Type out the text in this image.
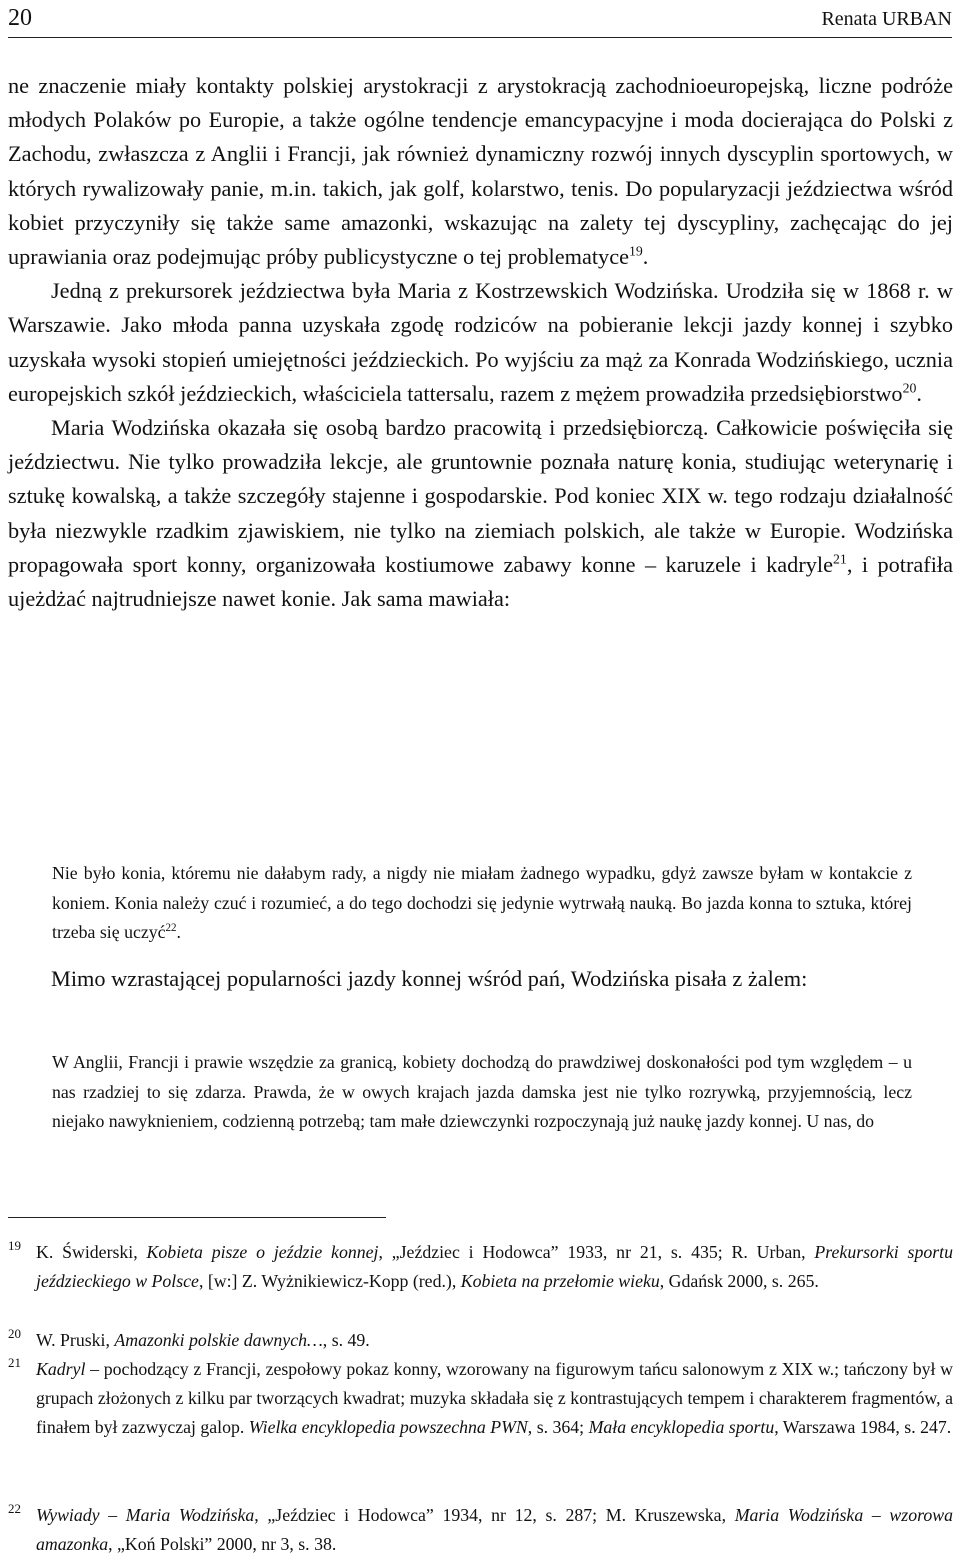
20	Renata URBAN

ne znaczenie miały kontakty polskiej arystokracji z arystokracją zachodnioeuropejską, liczne podróże młodych Polaków po Europie, a także ogólne tendencje emancypacyjne i moda docierająca do Polski z Zachodu, zwłaszcza z Anglii i Francji, jak również dynamiczny rozwój innych dyscyplin sportowych, w których rywalizowały panie, m.in. takich, jak golf, kolarstwo, tenis. Do popularyzacji jeździectwa wśród kobiet przyczyniły się także same amazonki, wskazując na zalety tej dyscypliny, zachęcając do jej uprawiania oraz podejmując próby publicystyczne o tej problematyce$^{19}$.

Jedną z prekursorek jeździectwa była Maria z Kostrzewskich Wodzińska. Urodziła się w 1868 r. w Warszawie. Jako młoda panna uzyskała zgodę rodziców na pobieranie lekcji jazdy konnej i szybko uzyskała wysoki stopień umiejętności jeździeckich. Po wyjściu za mąż za Konrada Wodzińskiego, ucznia europejskich szkół jeździeckich, właściciela tattersalu, razem z mężem prowadziła przedsiębiorstwo$^{20}$.

Maria Wodzińska okazała się osobą bardzo pracowitą i przedsiębiorczą. Całkowicie poświęciła się jeździectwu. Nie tylko prowadziła lekcje, ale gruntownie poznała naturę konia, studiując weterynarię i sztukę kowalską, a także szczegóły stajenne i gospodarskie. Pod koniec XIX w. tego rodzaju działalność była niezwykle rzadkim zjawiskiem, nie tylko na ziemiach polskich, ale także w Europie. Wodzińska propagowała sport konny, organizowała kostiumowe zabawy konne – karuzele i kadryle$^{21}$, i potrafiła ujeżdżać najtrudniejsze nawet konie. Jak sama mawiała:

Nie było konia, któremu nie dałabym rady, a nigdy nie miałam żadnego wypadku, gdyż zawsze byłam w kontakcie z koniem. Konia należy czuć i rozumieć, a do tego dochodzi się jedynie wytrwałą nauką. Bo jazda konna to sztuka, której trzeba się uczyć$^{22}$.

Mimo wzrastającej popularności jazdy konnej wśród pań, Wodzińska pisała z żalem:

W Anglii, Francji i prawie wszędzie za granicą, kobiety dochodzą do prawdziwej doskonałości pod tym względem – u nas rzadziej to się zdarza. Prawda, że w owych krajach jazda damska jest nie tylko rozrywką, przyjemnością, lecz niejako nawyknieniem, codzienną potrzebą; tam małe dziewczynki rozpoczynają już naukę jazdy konnej. U nas, do

19 K. Świderski, Kobieta pisze o jeździe konnej, „Jeździec i Hodowca” 1933, nr 21, s. 435; R. Urban, Prekursorki sportu jeździeckiego w Polsce, [w:] Z. Wyżnikiewicz-Kopp (red.), Kobieta na przełomie wieku, Gdańsk 2000, s. 265.
20 W. Pruski, Amazonki polskie dawnych…, s. 49.
21 Kadryl – pochodzący z Francji, zespołowy pokaz konny, wzorowany na figurowym tańcu salonowym z XIX w.; tańczony był w grupach złożonych z kilku par tworzących kwadrat; muzyka składała się z kontrastujących tempem i charakterem fragmentów, a finałem był zazwyczaj galop. Wielka encyklopedia powszechna PWN, s. 364; Mała encyklopedia sportu, Warszawa 1984, s. 247.
22 Wywiady – Maria Wodzińska, „Jeździec i Hodowca” 1934, nr 12, s. 287; M. Kruszewska, Maria Wodzińska – wzorowa amazonka, „Koń Polski” 2000, nr 3, s. 38.
